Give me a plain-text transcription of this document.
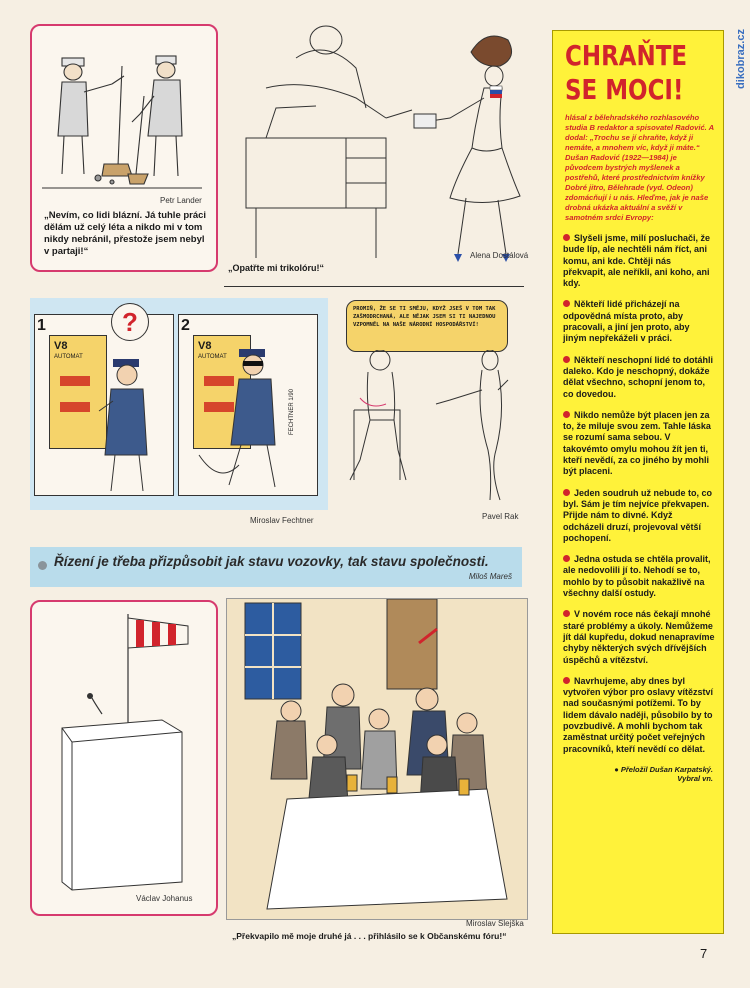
dikobraz.cz
Petr Lander
„Nevím, co lidi blázní. Já tuhle práci dělám už celý léta a nikdo mi v tom nikdy nebránil, přestože jsem nebyl v partaji!“
„Opatřte mi trikolóru!“
Alena Dostálová
1
V8
AUTOMAT
?	2
V8
AUTOMAT
FECHTNER 1/90
Miroslav Fechtner
PROMIŇ, ŽE SE TI SMĚJU, KDYŽ JSEŠ V TOM TAK ZAŠMODRCHANÁ, ALE NĚJAK JSEM SI TI NAJEDNOU VZPOMNĚL NA NAŠE NÁRODNÍ HOSPODÁŘSTVÍ!
Pavel Rak
Řízení je třeba přizpůsobit jak stavu vozovky, tak stavu společnosti.
Miloš Mareš
Václav Johanus
Miroslav Slejška
„Překvapilo mě moje druhé já . . . přihlásilo se k Občanskému fóru!“
CHRAŇTE
SE MOCI!
hlásal z bělehradského rozhlasového studia B redaktor a spisovatel Radović. A dodal: „Trochu se jí chraňte, když ji nemáte, a mnohem víc, když ji máte.“ Dušan Radović (1922—1984) je původcem bystrých myšlenek a postřehů, které prostřednictvím knížky Dobré jitro, Bělehrade (vyd. Odeon) zdomácňují i u nás. Hleďme, jak je naše drobná ukázka aktuální a svěží v samotném srdci Evropy:
Slyšeli jsme, milí posluchači, že bude líp, ale nechtěli nám říct, ani komu, ani kde. Chtěji nás překvapit, ale neříkli, ani koho, ani kdy.
Někteří lidé přicházejí na odpovědná místa proto, aby pracovali, a jiní jen proto, aby jiným nepřekáželi v práci.
Někteří neschopní lidé to dotáhli daleko. Kdo je neschopný, dokáže dělat všechno, schopní jenom to, co dovedou.
Nikdo nemůže být placen jen za to, že miluje svou zem. Tahle láska se rozumí sama sebou. V takovémto omylu mohou žít jen ti, kteří nevědí, za co jiného by mohli být placeni.
Jeden soudruh už nebude to, co byl. Sám je tím nejvíce překvapen. Přijde nám to divné. Když odcházeli druzí, projevoval větší pochopení.
Jedna ostuda se chtěla provalit, ale nedovolili jí to. Nehodí se to, mohlo by to působit nakažlivě na všechny další ostudy.
V novém roce nás čekají mnohé staré problémy a úkoly. Nemůžeme jít dál kupředu, dokud nenapravíme chyby některých svých dřívějších úspěchů a vítězství.
Navrhujeme, aby dnes byl vytvořen výbor pro oslavy vítězství nad současnými potížemi. To by lidem dávalo naději, působilo by to povzbudivě. A mohli bychom tak zaměstnat určitý počet veřejných pracovníků, kteří nevědí co dělat.
● Přeložil Dušan Karpatský. Vybral vn.
7
